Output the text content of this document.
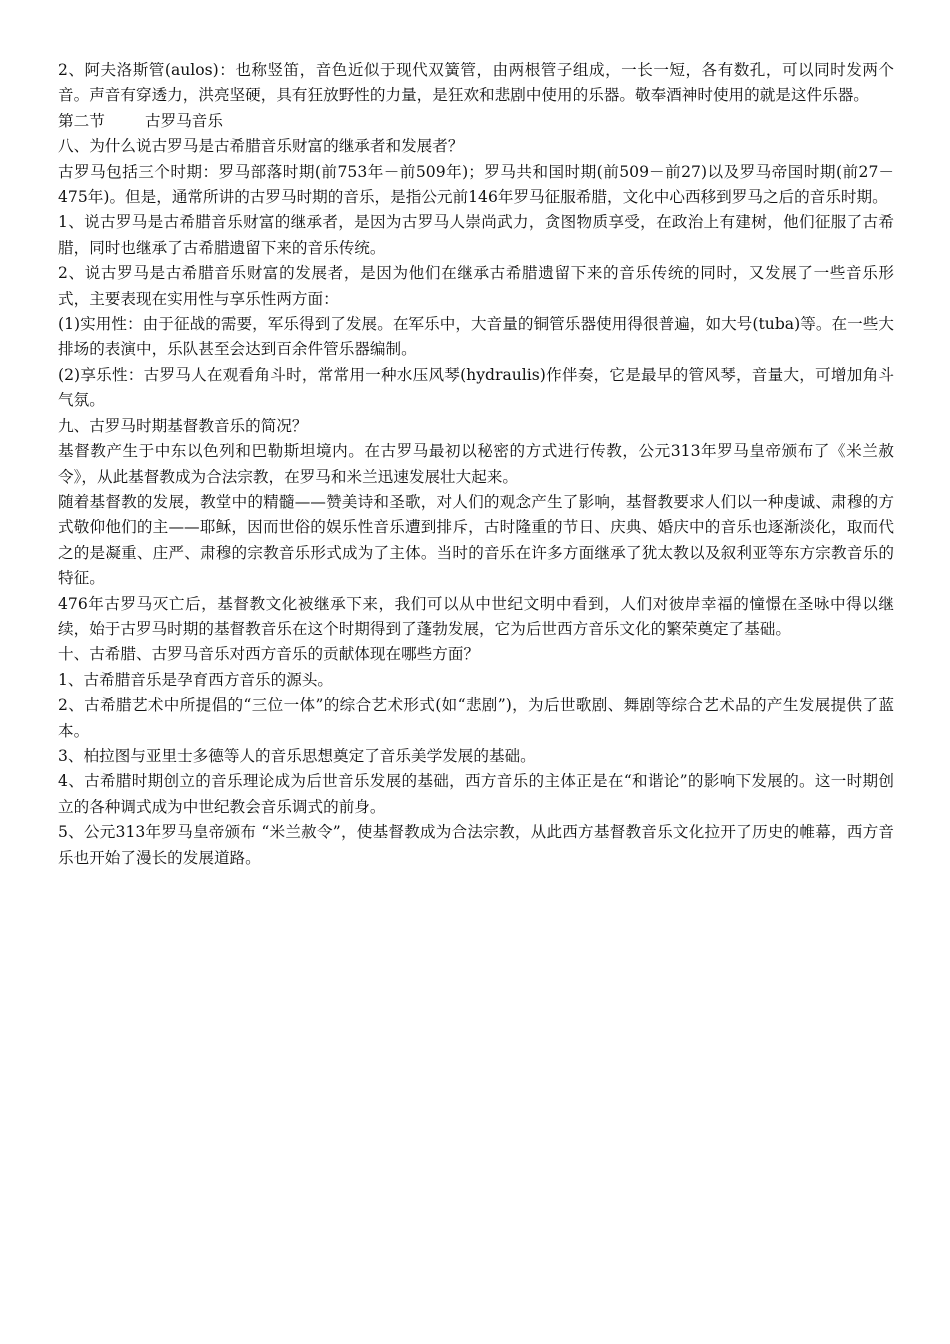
2、阿夫洛斯管(aulos)：也称竖笛，音色近似于现代双簧管，由两根管子组成，一长一短，各有数孔，可以同时发两个音。声音有穿透力，洪亮坚硬，具有狂放野性的力量，是狂欢和悲剧中使用的乐器。敬奉酒神时使用的就是这件乐器。

第二节	古罗马音乐

八、为什么说古罗马是古希腊音乐财富的继承者和发展者？

古罗马包括三个时期：罗马部落时期(前753年－前509年)；罗马共和国时期(前509－前27)以及罗马帝国时期(前27－475年)。但是，通常所讲的古罗马时期的音乐，是指公元前146年罗马征服希腊，文化中心西移到罗马之后的音乐时期。

1、说古罗马是古希腊音乐财富的继承者，是因为古罗马人崇尚武力，贪图物质享受，在政治上有建树，他们征服了古希腊，同时也继承了古希腊遗留下来的音乐传统。

2、说古罗马是古希腊音乐财富的发展者，是因为他们在继承古希腊遗留下来的音乐传统的同时，又发展了一些音乐形式，主要表现在实用性与享乐性两方面：

(1)实用性：由于征战的需要，军乐得到了发展。在军乐中，大音量的铜管乐器使用得很普遍，如大号(tuba)等。在一些大排场的表演中，乐队甚至会达到百余件管乐器编制。

(2)享乐性：古罗马人在观看角斗时，常常用一种水压风琴(hydraulis)作伴奏，它是最早的管风琴，音量大，可增加角斗气氛。

九、古罗马时期基督教音乐的简况？

基督教产生于中东以色列和巴勒斯坦境内。在古罗马最初以秘密的方式进行传教，公元313年罗马皇帝颁布了《米兰赦令》，从此基督教成为合法宗教，在罗马和米兰迅速发展壮大起来。

随着基督教的发展，教堂中的精髓——赞美诗和圣歌，对人们的观念产生了影响，基督教要求人们以一种虔诚、肃穆的方式敬仰他们的主——耶稣，因而世俗的娱乐性音乐遭到排斥，古时隆重的节日、庆典、婚庆中的音乐也逐渐淡化，取而代之的是凝重、庄严、肃穆的宗教音乐形式成为了主体。当时的音乐在许多方面继承了犹太教以及叙利亚等东方宗教音乐的特征。

476年古罗马灭亡后，基督教文化被继承下来，我们可以从中世纪文明中看到，人们对彼岸幸福的憧憬在圣咏中得以继续，始于古罗马时期的基督教音乐在这个时期得到了蓬勃发展，它为后世西方音乐文化的繁荣奠定了基础。

十、古希腊、古罗马音乐对西方音乐的贡献体现在哪些方面？

1、古希腊音乐是孕育西方音乐的源头。

2、古希腊艺术中所提倡的“三位一体”的综合艺术形式(如“悲剧”)，为后世歌剧、舞剧等综合艺术品的产生发展提供了蓝本。

3、柏拉图与亚里士多德等人的音乐思想奠定了音乐美学发展的基础。

4、古希腊时期创立的音乐理论成为后世音乐发展的基础，西方音乐的主体正是在“和谐论”的影响下发展的。这一时期创立的各种调式成为中世纪教会音乐调式的前身。

5、公元313年罗马皇帝颁布 “米兰赦令”，使基督教成为合法宗教，从此西方基督教音乐文化拉开了历史的帷幕，西方音乐也开始了漫长的发展道路。
